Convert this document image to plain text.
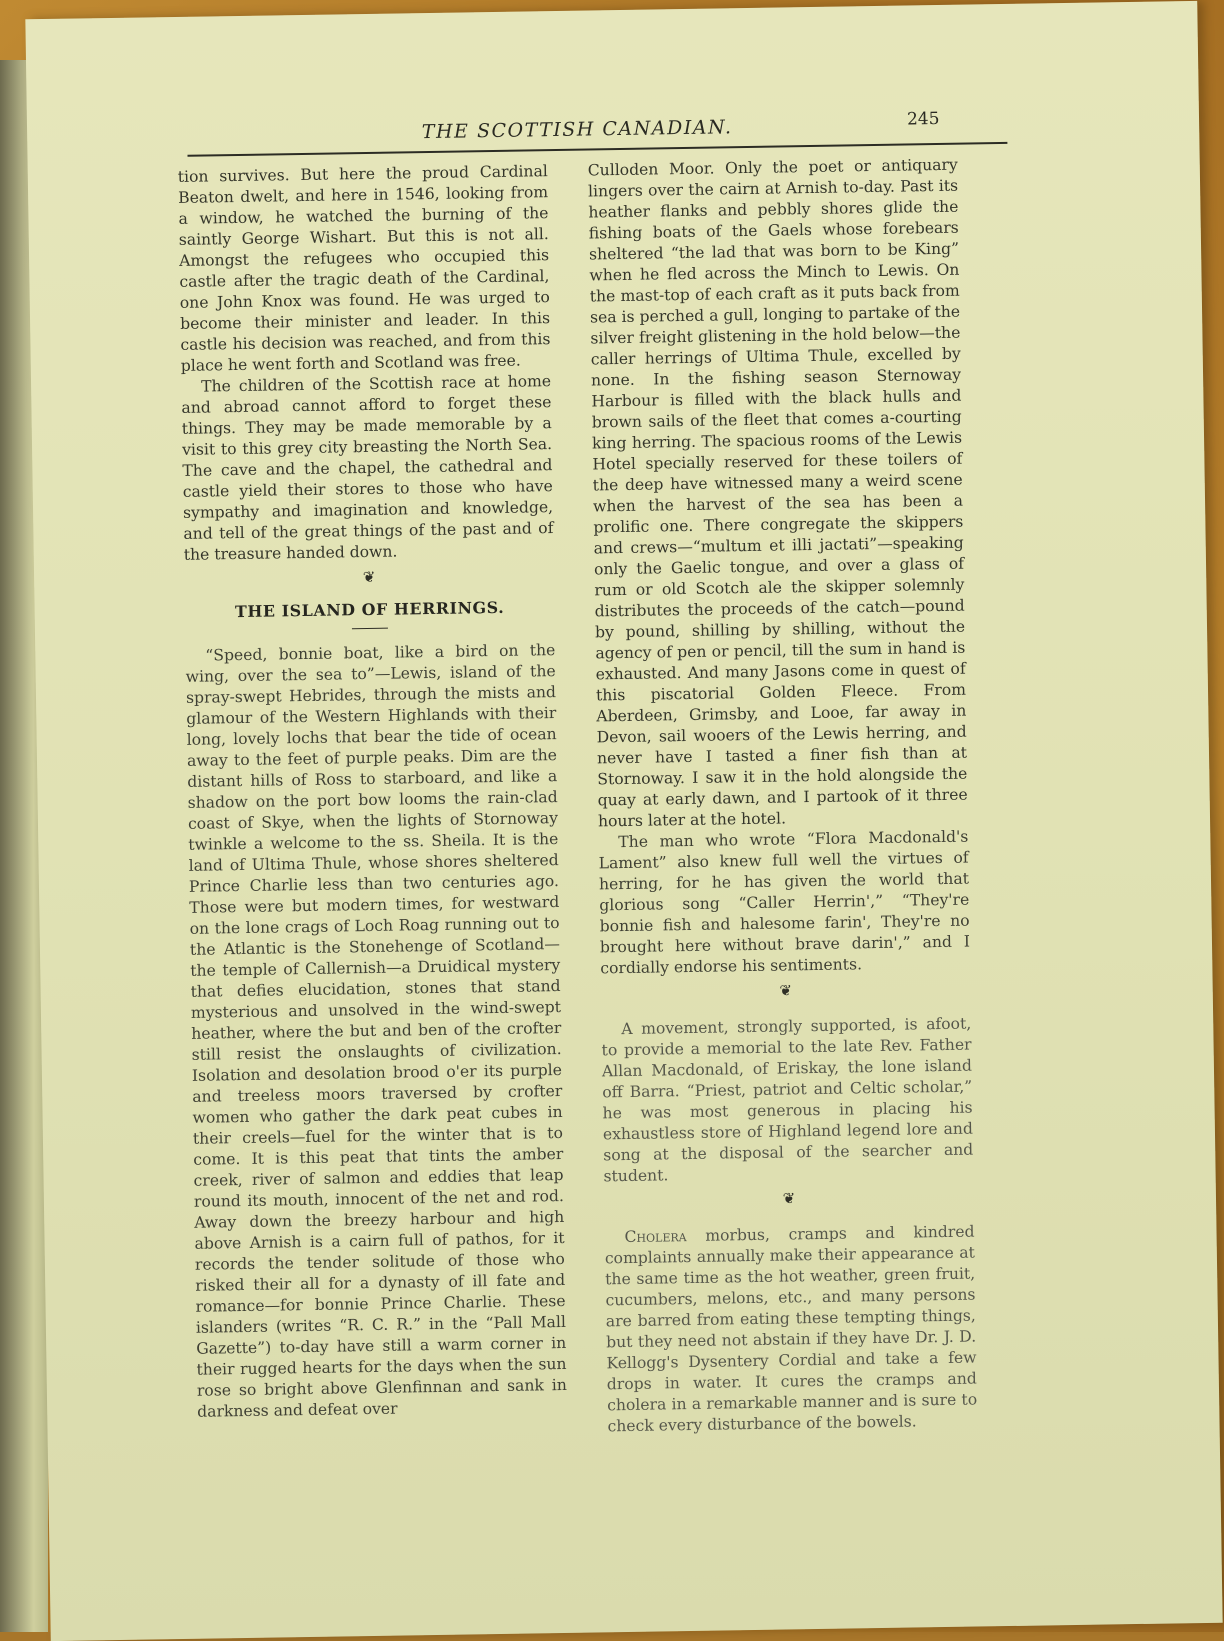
THE SCOTTISH CANADIAN.	245

tion survives. But here the proud Cardinal Beaton dwelt, and here in 1546, looking from a window, he watched the burning of the saintly George Wishart. But this is not all. Amongst the refugees who occupied this castle after the tragic death of the Cardinal, one John Knox was found. He was urged to become their minister and leader. In this castle his decision was reached, and from this place he went forth and Scotland was free.

The children of the Scottish race at home and abroad cannot afford to forget these things. They may be made memorable by a visit to this grey city breasting the North Sea. The cave and the chapel, the cathedral and castle yield their stores to those who have sympathy and imagination and knowledge, and tell of the great things of the past and of the treasure handed down.

❦
THE ISLAND OF HERRINGS.

“Speed, bonnie boat, like a bird on the wing, over the sea to”—Lewis, island of the spray-swept Hebrides, through the mists and glamour of the Western Highlands with their long, lovely lochs that bear the tide of ocean away to the feet of purple peaks. Dim are the distant hills of Ross to starboard, and like a shadow on the port bow looms the rain-clad coast of Skye, when the lights of Stornoway twinkle a welcome to the ss. Sheila. It is the land of Ultima Thule, whose shores sheltered Prince Charlie less than two centuries ago. Those were but modern times, for westward on the lone crags of Loch Roag running out to the Atlantic is the Stonehenge of Scotland—the temple of Callernish—a Druidical mystery that defies elucidation, stones that stand mysterious and unsolved in the wind-swept heather, where the but and ben of the crofter still resist the onslaughts of civilization. Isolation and desolation brood o'er its purple and treeless moors traversed by crofter women who gather the dark peat cubes in their creels—fuel for the winter that is to come. It is this peat that tints the amber creek, river of salmon and eddies that leap round its mouth, innocent of the net and rod. Away down the breezy harbour and high above Arnish is a cairn full of pathos, for it records the tender solitude of those who risked their all for a dynasty of ill fate and romance—for bonnie Prince Charlie. These islanders (writes “R. C. R.” in the “Pall Mall Gazette”) to-day have still a warm corner in their rugged hearts for the days when the sun rose so bright above Glenfinnan and sank in darkness and defeat over

Culloden Moor. Only the poet or antiquary lingers over the cairn at Arnish to-day. Past its heather flanks and pebbly shores glide the fishing boats of the Gaels whose forebears sheltered “the lad that was born to be King” when he fled across the Minch to Lewis. On the mast-top of each craft as it puts back from sea is perched a gull, longing to partake of the silver freight glistening in the hold below—the caller herrings of Ultima Thule, excelled by none. In the fishing season Sternoway Harbour is filled with the black hulls and brown sails of the fleet that comes a-courting king herring. The spacious rooms of the Lewis Hotel specially reserved for these toilers of the deep have witnessed many a weird scene when the harvest of the sea has been a prolific one. There congregate the skippers and crews—“multum et illi jactati”—speaking only the Gaelic tongue, and over a glass of rum or old Scotch ale the skipper solemnly distributes the proceeds of the catch—pound by pound, shilling by shilling, without the agency of pen or pencil, till the sum in hand is exhausted. And many Jasons come in quest of this piscatorial Golden Fleece. From Aberdeen, Grimsby, and Looe, far away in Devon, sail wooers of the Lewis herring, and never have I tasted a finer fish than at Stornoway. I saw it in the hold alongside the quay at early dawn, and I partook of it three hours later at the hotel.

The man who wrote “Flora Macdonald's Lament” also knew full well the virtues of herring, for he has given the world that glorious song “Caller Herrin',” “They're bonnie fish and halesome farin', They're no brought here without brave darin',” and I cordially endorse his sentiments.

❦

A movement, strongly supported, is afoot, to provide a memorial to the late Rev. Father Allan Macdonald, of Eriskay, the lone island off Barra. “Priest, patriot and Celtic scholar,” he was most generous in placing his exhaustless store of Highland legend lore and song at the disposal of the searcher and student.

❦

Cholera morbus, cramps and kindred complaints annually make their appearance at the same time as the hot weather, green fruit, cucumbers, melons, etc., and many persons are barred from eating these tempting things, but they need not abstain if they have Dr. J. D. Kellogg's Dysentery Cordial and take a few drops in water. It cures the cramps and cholera in a remarkable manner and is sure to check every disturbance of the bowels.
